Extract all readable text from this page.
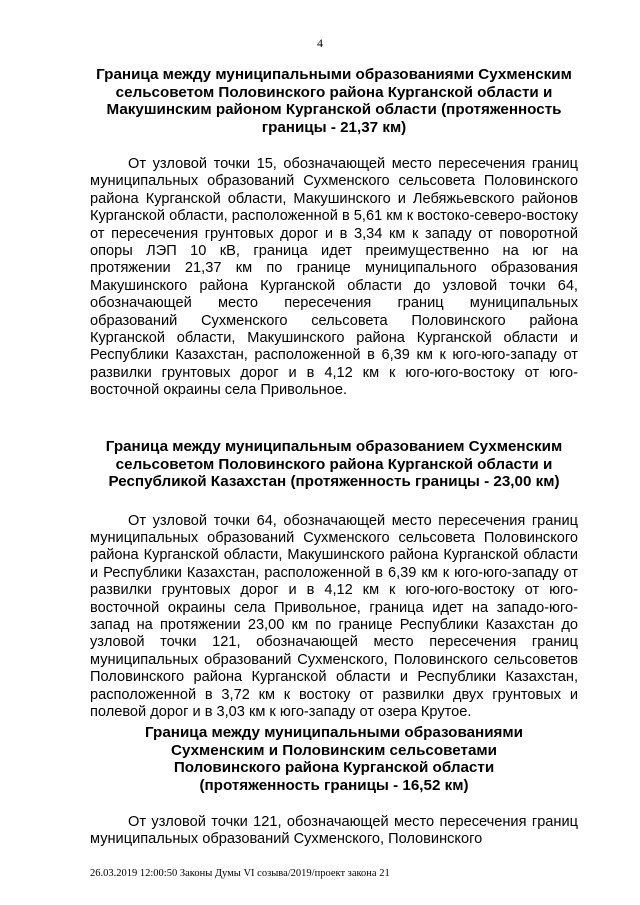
4

Граница между муниципальными образованиями Сухменским сельсоветом Половинского района Курганской области и Макушинским районом Курганской области (протяженность границы - 21,37 км)

От узловой точки 15, обозначающей место пересечения границ муниципальных образований Сухменского сельсовета Половинского района Курганской области, Макушинского и Лебяжьевского районов Курганской области, расположенной в 5,61 км к востоко-северо-востоку от пересечения грунтовых дорог и в 3,34 км к западу от поворотной опоры ЛЭП 10 кВ, граница идет преимущественно на юг на протяжении 21,37 км по границе муниципального образования Макушинского района Курганской области до узловой точки 64, обозначающей место пересечения границ муниципальных образований Сухменского сельсовета Половинского района Курганской области, Макушинского района Курганской области и Республики Казахстан, расположенной в 6,39 км к юго-юго-западу от развилки грунтовых дорог и в 4,12 км к юго-юго-востоку от юго-восточной окраины села Привольное.

Граница между муниципальным образованием Сухменским сельсоветом Половинского района Курганской области и Республикой Казахстан (протяженность границы - 23,00 км)

От узловой точки 64, обозначающей место пересечения границ муниципальных образований Сухменского сельсовета Половинского района Курганской области, Макушинского района Курганской области и Республики Казахстан, расположенной в 6,39 км к юго-юго-западу от развилки грунтовых дорог и в 4,12 км к юго-юго-востоку от юго-восточной окраины села Привольное, граница идет на западо-юго-запад на протяжении 23,00 км по границе Республики Казахстан до узловой точки 121, обозначающей место пересечения границ муниципальных образований Сухменского, Половинского сельсоветов Половинского района Курганской области и Республики Казахстан, расположенной в 3,72 км к востоку от развилки двух грунтовых и полевой дорог и в 3,03 км к юго-западу от озера Крутое.

Граница между муниципальными образованиями Сухменским и Половинским сельсоветами Половинского района Курганской области (протяженность границы - 16,52 км)

От узловой точки 121, обозначающей место пересечения границ муниципальных образований Сухменского, Половинского

26.03.2019 12:00:50 Законы Думы VI созыва/2019/проект закона 21
